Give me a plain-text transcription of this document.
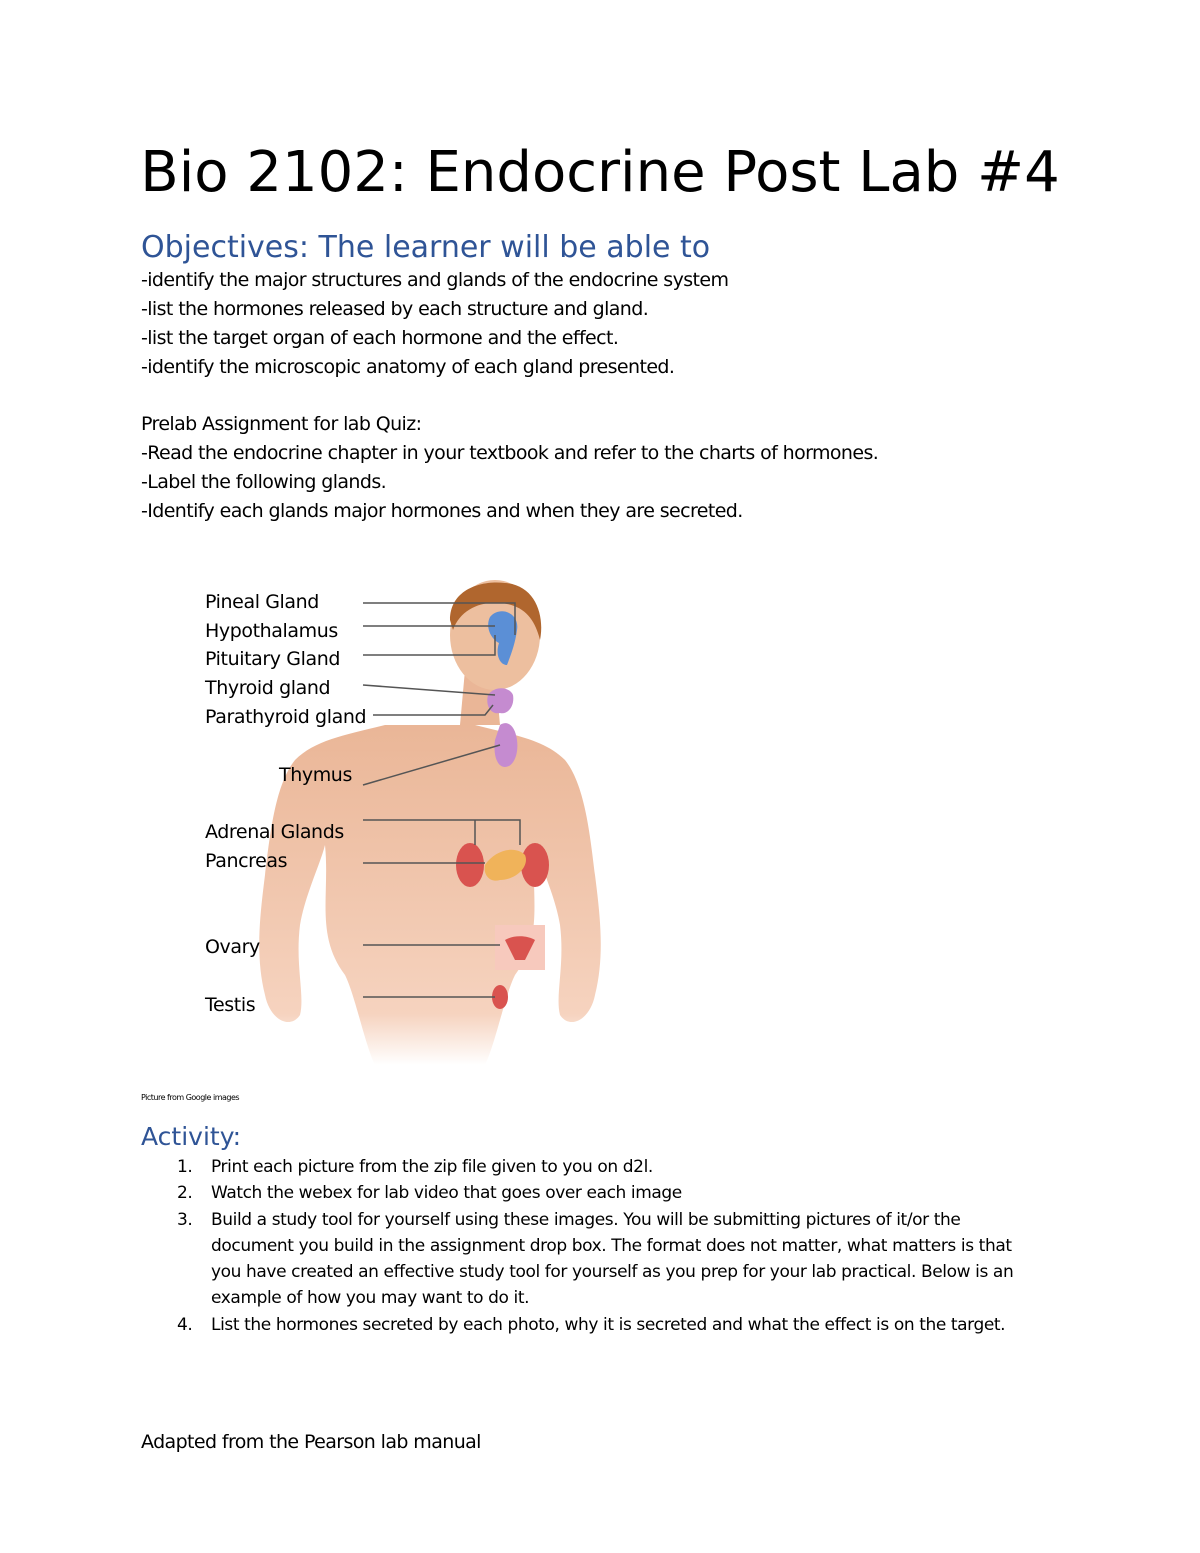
Bio 2102: Endocrine Post Lab #4
Objectives: The learner will be able to
-identify the major structures and glands of the endocrine system
-list the hormones released by each structure and gland.
-list the target organ of each hormone and the effect.
-identify the microscopic anatomy of each gland presented.

Prelab Assignment for lab Quiz:

-Read the endocrine chapter in your textbook and refer to the charts of hormones.
-Label the following glands.
-Identify each glands major hormones and when they are secreted.
Pineal Gland
Hypothalamus
Pituitary Gland
Thyroid gland
Parathyroid gland
Thymus
Adrenal Glands
Pancreas
Ovary
Testis
Picture from Google images
Activity:
1. Print each picture from the zip file given to you on d2l.
2. Watch the webex for lab video that goes over each image
3. Build a study tool for yourself using these images. You will be submitting pictures of it/or the document you build in the assignment drop box. The format does not matter, what matters is that you have created an effective study tool for yourself as you prep for your lab practical. Below is an example of how you may want to do it.
4. List the hormones secreted by each photo, why it is secreted and what the effect is on the target.

Adapted from the Pearson lab manual
